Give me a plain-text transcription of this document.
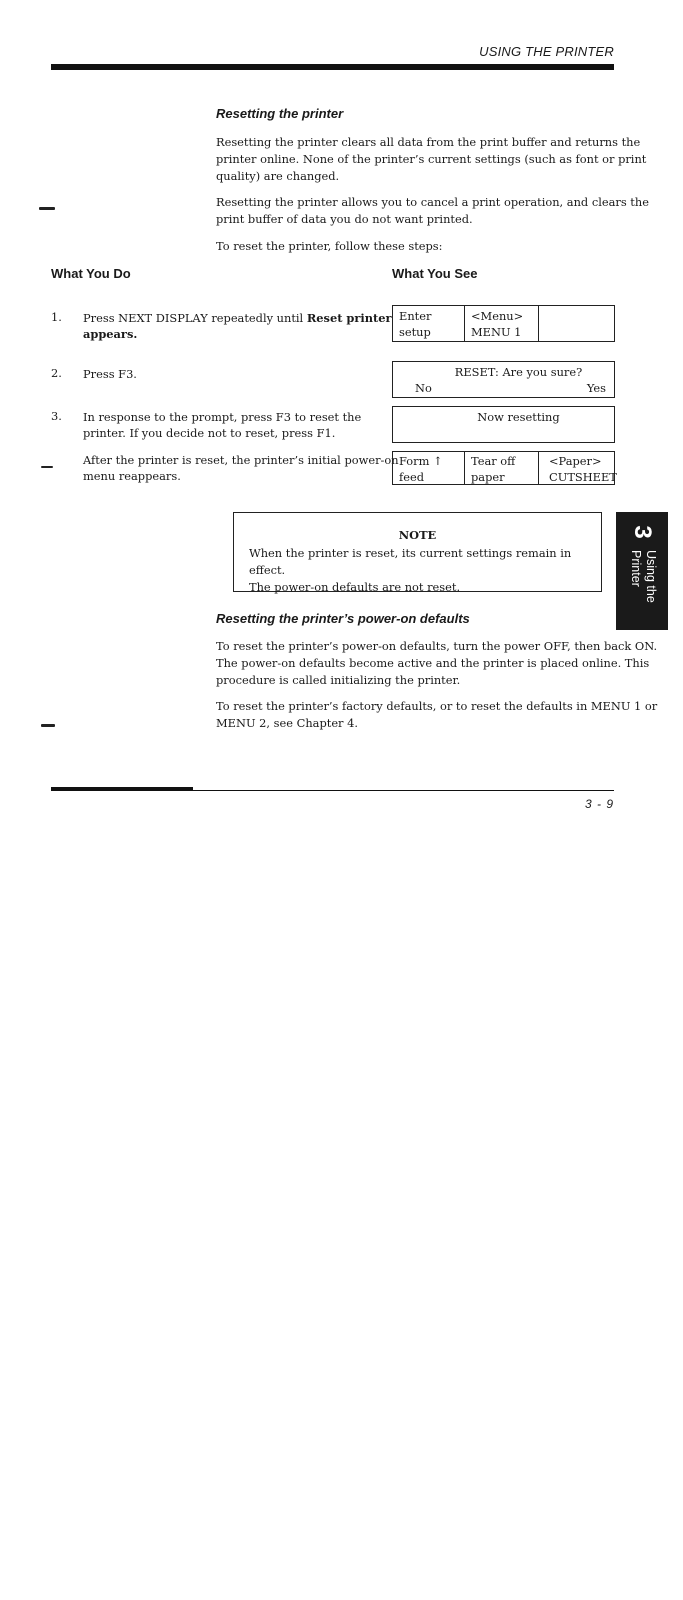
USING THE PRINTER
Resetting the printer
Resetting the printer clears all data from the print buffer and returns the
printer online. None of the printer’s current settings (such as font or print
quality) are changed.
Resetting the printer allows you to cancel a print operation, and clears the
print buffer of data you do not want printed.
To reset the printer, follow these steps:
What You Do	What You See
1. Press NEXT DISPLAY repeatedly until Reset printer
appears.
2. Press F3.
3. In response to the prompt, press F3 to reset the
printer. If you decide not to reset, press F1.
After the printer is reset, the printer’s initial power-on
menu reappears.
Enter
setup
<Menu>
MENU 1
RESET: Are you sure?
No	Yes
Now resetting
Form ↑
feed
Tear off
paper
<Paper>
CUTSHEET
NOTE
When the printer is reset, its current settings remain in effect.
The power-on defaults are not reset.
3
Using the Printer
Resetting the printer’s power-on defaults
To reset the printer’s power-on defaults, turn the power OFF, then back ON.
The power-on defaults become active and the printer is placed online. This
procedure is called initializing the printer.
To reset the printer’s factory defaults, or to reset the defaults in MENU 1 or
MENU 2, see Chapter 4.
3 - 9
